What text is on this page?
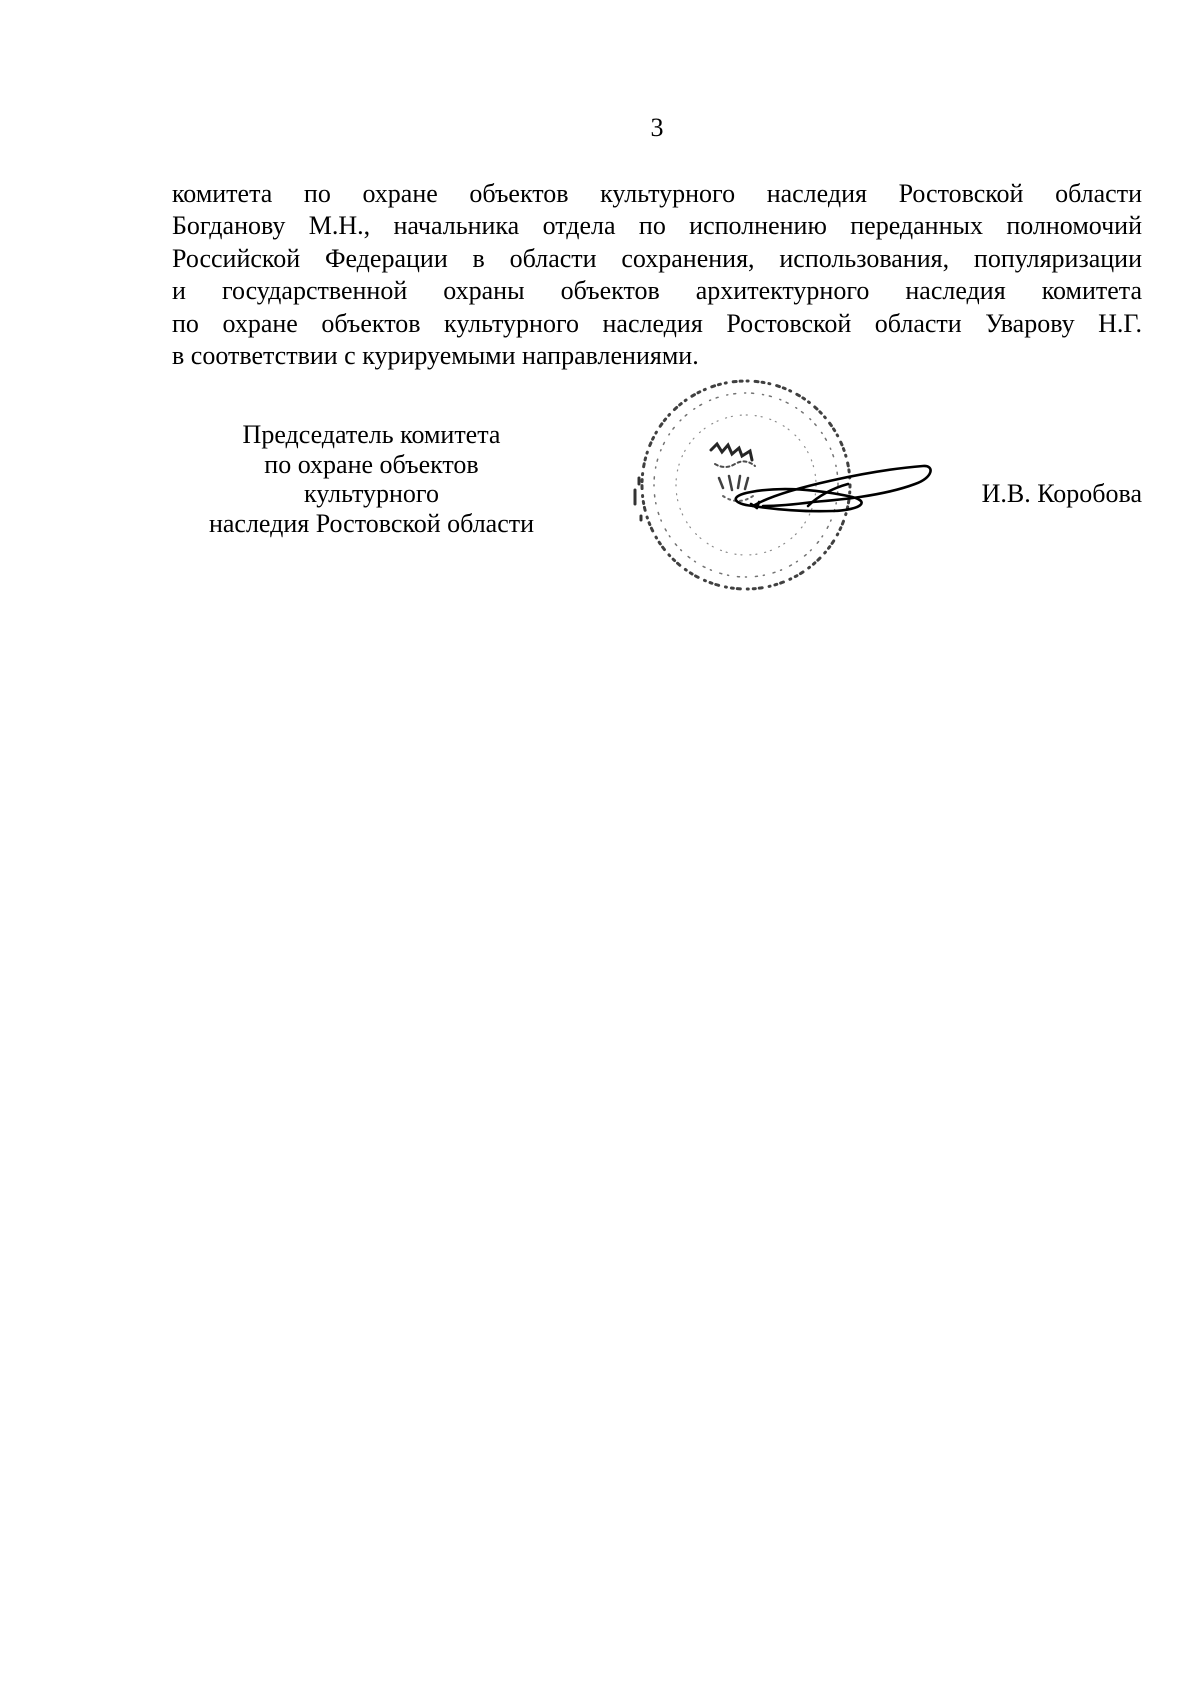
3
комитета по охране объектов культурного наследия Ростовской области
Богданову М.Н., начальника отдела по исполнению переданных полномочий
Российской Федерации в области сохранения, использования, популяризации
и государственной охраны объектов архитектурного наследия комитета
по охране объектов культурного наследия Ростовской области Уварову Н.Г.
в соответствии с курируемыми направлениями.
Председатель комитета
по охране объектов культурного
наследия Ростовской области
И.В. Коробова
